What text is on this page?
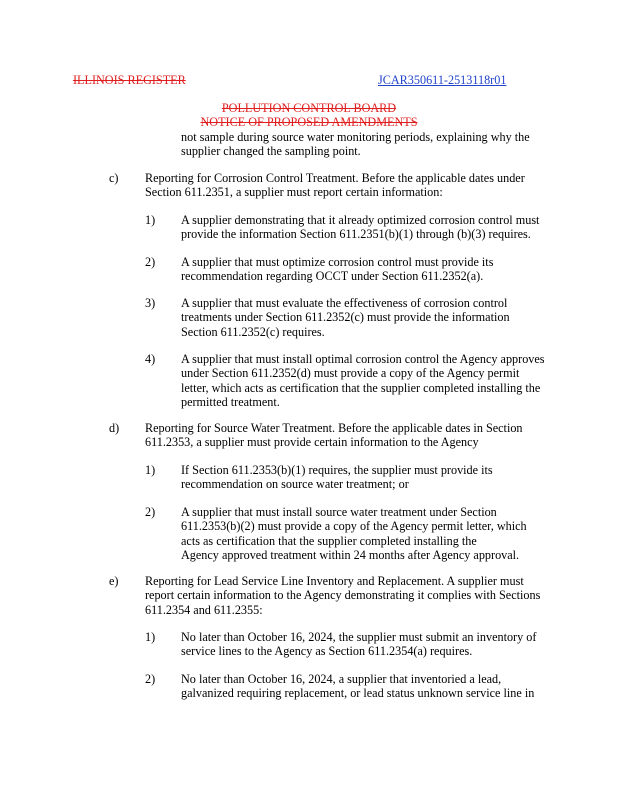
ILLINOIS REGISTER	JCAR350611-2513118r01
POLLUTION CONTROL BOARD
NOTICE OF PROPOSED AMENDMENTS
not sample during source water monitoring periods, explaining why the
supplier changed the sampling point.
c) Reporting for Corrosion Control Treatment. Before the applicable dates under
Section 611.2351, a supplier must report certain information:
1) A supplier demonstrating that it already optimized corrosion control must
provide the information Section 611.2351(b)(1) through (b)(3) requires.
2) A supplier that must optimize corrosion control must provide its
recommendation regarding OCCT under Section 611.2352(a).
3) A supplier that must evaluate the effectiveness of corrosion control
treatments under Section 611.2352(c) must provide the information
Section 611.2352(c) requires.
4) A supplier that must install optimal corrosion control the Agency approves
under Section 611.2352(d) must provide a copy of the Agency permit
letter, which acts as certification that the supplier completed installing the
permitted treatment.
d) Reporting for Source Water Treatment. Before the applicable dates in Section
611.2353, a supplier must provide certain information to the Agency
1) If Section 611.2353(b)(1) requires, the supplier must provide its
recommendation on source water treatment; or
2) A supplier that must install source water treatment under Section
611.2353(b)(2) must provide a copy of the Agency permit letter, which
acts as certification that the supplier completed installing the
Agency approved treatment within 24 months after Agency approval.
e) Reporting for Lead Service Line Inventory and Replacement. A supplier must
report certain information to the Agency demonstrating it complies with Sections
611.2354 and 611.2355:
1) No later than October 16, 2024, the supplier must submit an inventory of
service lines to the Agency as Section 611.2354(a) requires.
2) No later than October 16, 2024, a supplier that inventoried a lead,
galvanized requiring replacement, or lead status unknown service line in
